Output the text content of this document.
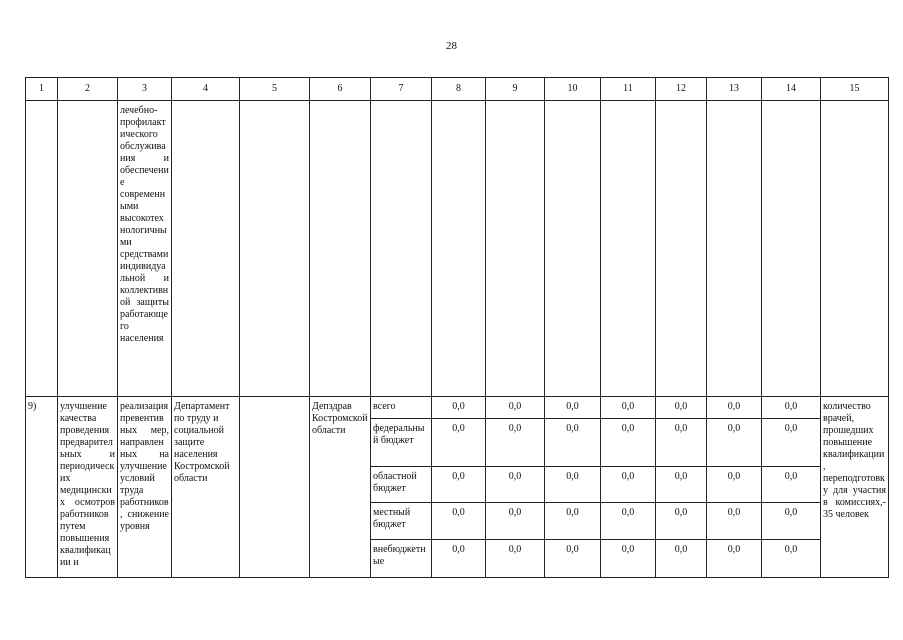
28
1	2	3	4	5	6	7	8	9	10	11	12	13	14	15
		лечебно-профилактического обслуживания и обеспечение современными высокотехнологичными средствами индивидуальной и коллективной защиты работающего населения												
9)	улучшение качества проведения предварительных и периодических медицинских осмотров работников путем повышения квалификации и	реализация превентивных мер, направленных на улучшение условий труда работников, снижение уровня	Департамент по труду и социальной защите населения Костромской области		Депздрав Костромской области	всего	0,0	0,0	0,0	0,0	0,0	0,0	0,0	количество врачей, прошедших повышение квалификации, переподготовку для участия в комиссиях,- 35 человек
						федеральный бюджет	0,0	0,0	0,0	0,0	0,0	0,0	0,0	
						областной бюджет	0,0	0,0	0,0	0,0	0,0	0,0	0,0	
						местный бюджет	0,0	0,0	0,0	0,0	0,0	0,0	0,0	
						внебюджетные	0,0	0,0	0,0	0,0	0,0	0,0	0,0	
